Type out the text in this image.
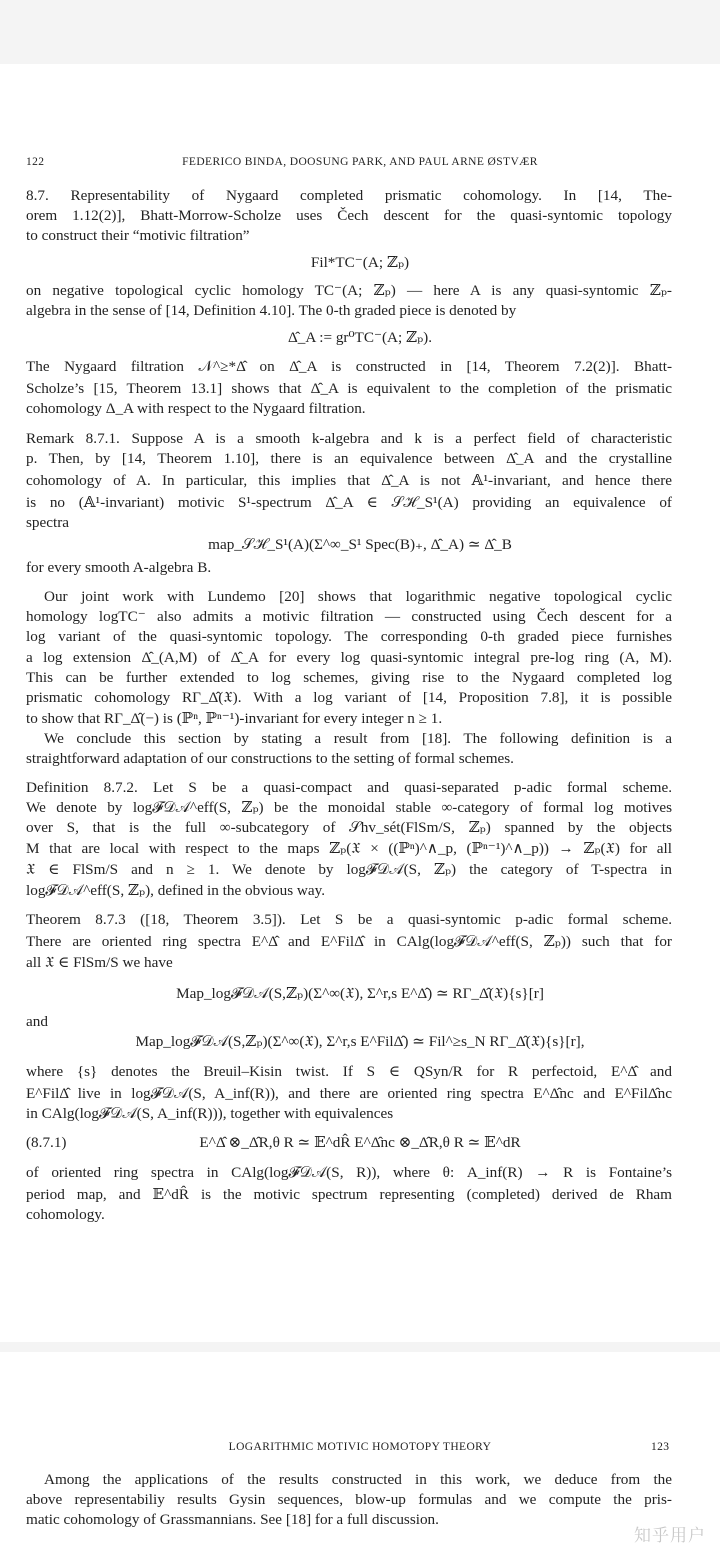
122	FEDERICO BINDA, DOOSUNG PARK, AND PAUL ARNE ØSTVÆR
8.7. Representability of Nygaard completed prismatic cohomology. In [14, The-
orem 1.12(2)], Bhatt-Morrow-Scholze uses Čech descent for the quasi-syntomic topology
to construct their “motivic filtration”
Fil*TC⁻(A; ℤₚ)
on negative topological cyclic homology TC⁻(A; ℤₚ) — here A is any quasi-syntomic ℤₚ-
algebra in the sense of [14, Definition 4.10]. The 0-th graded piece is denoted by
Δ̂_A := gr⁰TC⁻(A; ℤₚ).
The Nygaard filtration 𝒩^≥*Δ̂ on Δ̂_A is constructed in [14, Theorem 7.2(2)]. Bhatt-
Scholze’s [15, Theorem 13.1] shows that Δ̂_A is equivalent to the completion of the prismatic
cohomology Δ_A with respect to the Nygaard filtration.
Remark 8.7.1. Suppose A is a smooth k-algebra and k is a perfect field of characteristic
p. Then, by [14, Theorem 1.10], there is an equivalence between Δ̂_A and the crystalline
cohomology of A. In particular, this implies that Δ̂_A is not 𝔸¹-invariant, and hence there
is no (𝔸¹-invariant) motivic S¹-spectrum Δ̂_A ∈ 𝒮ℋ_S¹(A) providing an equivalence of
spectra
map_𝒮ℋ_S¹(A)(Σ^∞_S¹ Spec(B)₊, Δ̂_A) ≃ Δ̂_B
for every smooth A-algebra B.
Our joint work with Lundemo [20] shows that logarithmic negative topological cyclic
homology logTC⁻ also admits a motivic filtration — constructed using Čech descent for a
log variant of the quasi-syntomic topology. The corresponding 0-th graded piece furnishes
a log extension Δ̂_(A,M) of Δ̂_A for every log quasi-syntomic integral pre-log ring (A, M).
This can be further extended to log schemes, giving rise to the Nygaard completed log
prismatic cohomology RΓ_Δ̂(𝔛). With a log variant of [14, Proposition 7.8], it is possible
to show that RΓ_Δ̂(−) is (ℙⁿ, ℙⁿ⁻¹)-invariant for every integer n ≥ 1.
We conclude this section by stating a result from [18]. The following definition is a
straightforward adaptation of our constructions to the setting of formal schemes.
Definition 8.7.2. Let S be a quasi-compact and quasi-separated p-adic formal scheme.
We denote by log𝓕𝒟𝒜^eff(S, ℤₚ) be the monoidal stable ∞-category of formal log motives
over S, that is the full ∞-subcategory of 𝒮hv_sét(FlSm/S, ℤₚ) spanned by the objects
M that are local with respect to the maps ℤₚ(𝔛 × ((ℙⁿ)^∧_p, (ℙⁿ⁻¹)^∧_p)) → ℤₚ(𝔛) for all
𝔛 ∈ FlSm/S and n ≥ 1. We denote by log𝓕𝒟𝒜(S, ℤₚ) the category of T-spectra in
log𝓕𝒟𝒜^eff(S, ℤₚ), defined in the obvious way.
Theorem 8.7.3 ([18, Theorem 3.5]). Let S be a quasi-syntomic p-adic formal scheme.
There are oriented ring spectra E^Δ̂ and E^FilΔ̂ in CAlg(log𝓕𝒟𝒜^eff(S, ℤₚ)) such that for
all 𝔛 ∈ FlSm/S we have
Map_log𝓕𝒟𝒜(S,ℤₚ)(Σ^∞(𝔛), Σ^r,s E^Δ̂) ≃ RΓ_Δ̂(𝔛){s}[r]
and
Map_log𝓕𝒟𝒜(S,ℤₚ)(Σ^∞(𝔛), Σ^r,s E^FilΔ̂) ≃ Fil^≥s_N RΓ_Δ̂(𝔛){s}[r],
where {s} denotes the Breuil–Kisin twist. If S ∈ QSyn/R for R perfectoid, E^Δ̂ and
E^FilΔ̂ live in log𝓕𝒟𝒜(S, A_inf(R)), and there are oriented ring spectra E^Δ̂nc and E^FilΔ̂nc
in CAlg(log𝓕𝒟𝒜(S, A_inf(R))), together with equivalences
(8.7.1)	E^Δ̂ ⊗_Δ̂R,θ R ≃ 𝔼^dR̂ E^Δ̂nc ⊗_Δ̂R,θ R ≃ 𝔼^dR
of oriented ring spectra in CAlg(log𝓕𝒟𝒜(S, R)), where θ: A_inf(R) → R is Fontaine’s
period map, and 𝔼^dR̂ is the motivic spectrum representing (completed) derived de Rham
cohomology.
LOGARITHMIC MOTIVIC HOMOTOPY THEORY	123
Among the applications of the results constructed in this work, we deduce from the
above representabiliy results Gysin sequences, blow-up formulas and we compute the pris-
matic cohomology of Grassmannians. See [18] for a full discussion.
知乎用户
